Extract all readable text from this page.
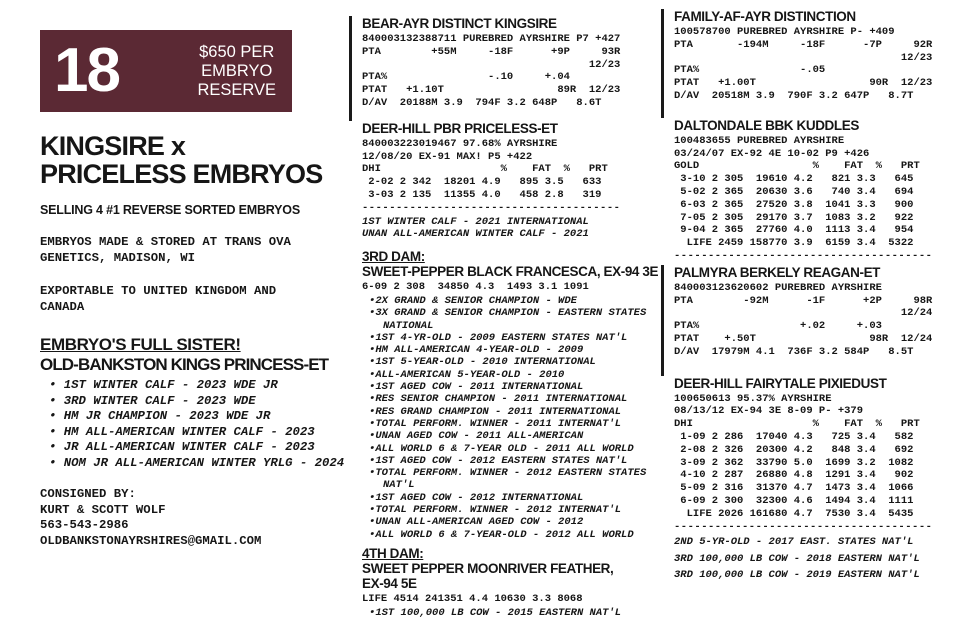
18	$650 PER
EMBRYO
RESERVE
KINGSIRE x
PRICELESS EMBRYOS
SELLING 4 #1 REVERSE SORTED EMBRYOS
EMBRYOS MADE & STORED AT TRANS OVA
GENETICS, MADISON, WI
EXPORTABLE TO UNITED KINGDOM AND
CANADA
EMBRYO'S FULL SISTER!
OLD-BANKSTON KINGS PRINCESS-ET
• 1ST WINTER CALF - 2023 WDE JR
• 3RD WINTER CALF - 2023 WDE
• HM JR CHAMPION - 2023 WDE JR
• HM ALL-AMERICAN WINTER CALF - 2023
• JR ALL-AMERICAN WINTER CALF - 2023
• NOM JR ALL-AMERICAN WINTER YRLG - 2024
CONSIGNED BY:
KURT & SCOTT WOLF
563-543-2986
OLDBANKSTONAYRSHIRES@GMAIL.COM
BEAR-AYR DISTINCT KINGSIRE
840003132388711 PUREBRED AYRSHIRE P7 +427
PTA        +55M     -18F      +9P     93R
12/23
PTA%                -.10     +.04
PTAT   +1.10T                  89R  12/23
D/AV  20188M 3.9  794F 3.2 648P   8.6T
DEER-HILL PBR PRICELESS-ET
840003223019467 97.68% AYRSHIRE
12/08/20 EX-91 MAX! P5 +422
DHI                   %    FAT  %   PRT
2-02 2 342  18201 4.9   895 3.5   633
3-03 2 135  11355 4.0   458 2.8   319
--------------------------------------
1ST WINTER CALF - 2021 INTERNATIONAL
UNAN ALL-AMERICAN WINTER CALF - 2021
3RD DAM:
SWEET-PEPPER BLACK FRANCESCA, EX-94 3E
6-09 2 308  34850 4.3  1493 3.1 1091
• 2X GRAND & SENIOR CHAMPION - WDE
• 3X GRAND & SENIOR CHAMPION - EASTERN STATES NATIONAL
• 1ST 4-YR-OLD - 2009 EASTERN STATES NAT'L
• HM ALL-AMERICAN 4-YEAR-OLD - 2009
• 1ST 5-YEAR-OLD - 2010 INTERNATIONAL
• ALL-AMERICAN 5-YEAR-OLD - 2010
• 1ST AGED COW - 2011 INTERNATIONAL
• RES SENIOR CHAMPION - 2011 INTERNATIONAL
• RES GRAND CHAMPION - 2011 INTERNATIONAL
• TOTAL PERFORM. WINNER - 2011 INTERNAT'L
• UNAN AGED COW - 2011 ALL-AMERICAN
• ALL WORLD 6 & 7-YEAR OLD - 2011 ALL WORLD
• 1ST AGED COW - 2012 EASTERN STATES NAT'L
• TOTAL PERFORM. WINNER - 2012 EASTERN STATES NAT'L
• 1ST AGED COW - 2012 INTERNATIONAL
• TOTAL PERFORM. WINNER - 2012 INTERNAT'L
• UNAN ALL-AMERICAN AGED COW - 2012
• ALL WORLD 6 & 7-YEAR-OLD - 2012 ALL WORLD
4TH DAM:
SWEET PEPPER MOONRIVER FEATHER,
EX-94 5E
LIFE 4514 241351 4.4 10630 3.3 8068
• 1ST 100,000 LB COW - 2015 EASTERN NAT'L
FAMILY-AF-AYR DISTINCTION
100578700 PUREBRED AYRSHIRE P- +409
PTA       -194M     -18F      -7P     92R
12/23
PTA%                -.05
PTAT   +1.00T                  90R  12/23
D/AV  20518M 3.9  790F 3.2 647P   8.7T
DALTONDALE BBK KUDDLES
100483655 PUREBRED AYRSHIRE
03/24/07 EX-92 4E 10-02 P9 +426
GOLD                  %    FAT  %   PRT
3-10 2 305  19610 4.2   821 3.3   645
5-02 2 365  20630 3.6   740 3.4   694
6-03 2 365  27520 3.8  1041 3.3   900
7-05 2 305  29170 3.7  1083 3.2   922
9-04 2 365  27760 4.0  1113 3.4   954
LIFE 2459 158770 3.9  6159 3.4  5322
--------------------------------------
PALMYRA BERKELY REAGAN-ET
840003123620602 PUREBRED AYRSHIRE
PTA        -92M      -1F      +2P     98R
12/24
PTA%                +.02     +.03
PTAT    +.50T                  98R  12/24
D/AV  17979M 4.1  736F 3.2 584P   8.5T
DEER-HILL FAIRYTALE PIXIEDUST
100650613 95.37% AYRSHIRE
08/13/12 EX-94 3E 8-09 P- +379
DHI                   %    FAT  %   PRT
1-09 2 286  17040 4.3   725 3.4   582
2-08 2 326  20300 4.2   848 3.4   692
3-09 2 362  33790 5.0  1699 3.2  1082
4-10 2 287  26880 4.8  1291 3.4   902
5-09 2 316  31370 4.7  1473 3.4  1066
6-09 2 300  32300 4.6  1494 3.4  1111
LIFE 2026 161680 4.7  7530 3.4  5435
--------------------------------------
2ND 5-YR-OLD - 2017 EAST. STATES NAT'L
3RD 100,000 LB COW - 2018 EASTERN NAT'L
3RD 100,000 LB COW - 2019 EASTERN NAT'L
